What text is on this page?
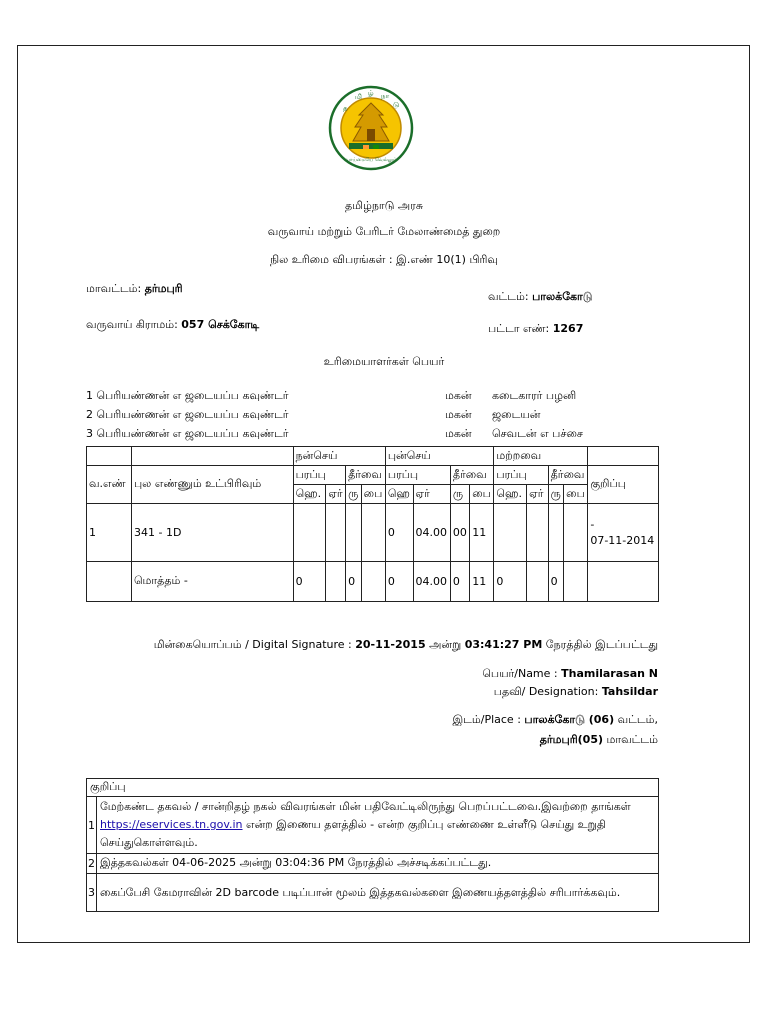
த
மி ழ் நா
டு
வாய்மையே வெல்லும்
தமிழ்நாடு அரசு
வருவாய் மற்றும் பேரிடர் மேலாண்மைத் துறை
நில உரிமை விபரங்கள் : இ.எண் 10(1) பிரிவு
மாவட்டம்: தர்மபுரி
வட்டம்: பாலக்கோடு
வருவாய் கிராமம்: 057 செக்கோடி	பட்டா எண்: 1267
உரிமையாளர்கள் பெயர்
1 பெரியண்ணன் எ ஜடையப்ப கவுண்டர்	மகன் கடைகாரர் பழனி
2 பெரியண்ணன் எ ஜடையப்ப கவுண்டர்	மகன் ஜடையன்
3 பெரியண்ணன் எ ஜடையப்ப கவுண்டர்	மகன் செவடன் எ பச்சை
		நன்செய்				புன்செய்				மற்றவை				
வ.எண்	புல எண்ணும் உட்பிரிவும்	பரப்பு		தீர்வை		பரப்பு		தீர்வை		பரப்பு		தீர்வை		குறிப்பு
		ஹெ.	ஏர்	ரு	பை	ஹெ	ஏர்	ரு	பை	ஹெ.	ஏர்	ரு	பை	
1	341 - 1D					0	04.00	00	11					-
07-11-2014

	மொத்தம் -	0		0		0	04.00	0	11	0		0		
மின்கையொப்பம் / Digital Signature : 20-11-2015 அன்று 03:41:27 PM நேரத்தில் இடப்பட்டது
பெயர்/Name : Thamilarasan N
பதவி/ Designation: Tahsildar
இடம்/Place : பாலக்கோடு (06) வட்டம்,
தர்மபுரி(05) மாவட்டம்
குறிப்பு	
1	மேற்கண்ட தகவல் / சான்றிதழ் நகல் விவரங்கள் மின் பதிவேட்டிலிருந்து பெறப்பட்டவை.இவற்றை தாங்கள் https://eservices.tn.gov.in என்ற இணைய தளத்தில் - என்ற குறிப்பு எண்ணை உள்ளீடு செய்து உறுதி செய்துகொள்ளவும்.
2	இத்தகவல்கள் 04-06-2025 அன்று 03:04:36 PM நேரத்தில் அச்சடிக்கப்பட்டது.
3	கைப்பேசி கேமராவின் 2D barcode படிப்பான் மூலம் இத்தகவல்களை இணையத்தளத்தில் சரிபார்க்கவும்.
